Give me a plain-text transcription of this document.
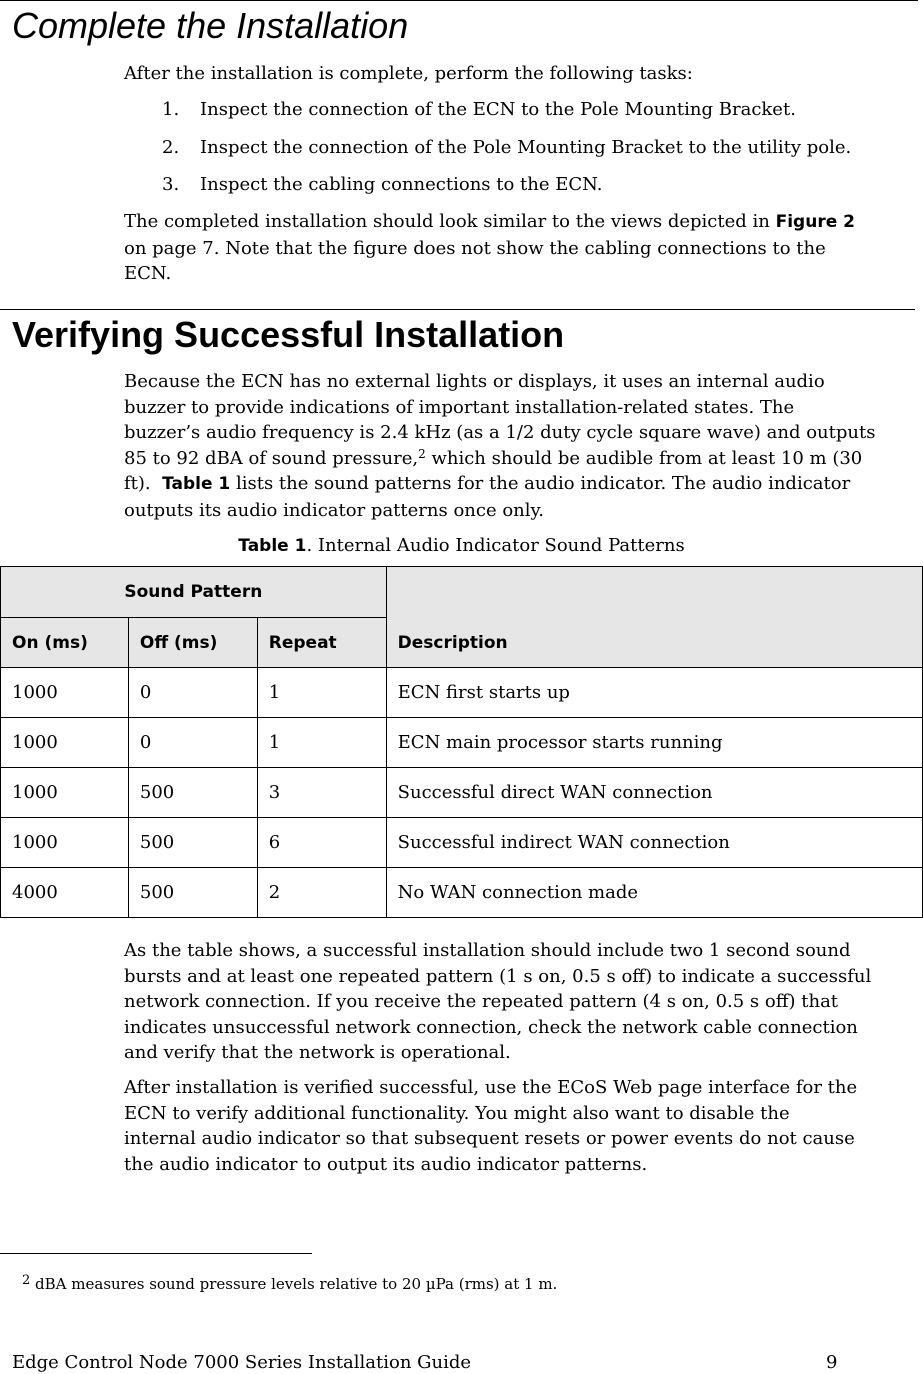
Complete the Installation
After the installation is complete, perform the following tasks:
1. Inspect the connection of the ECN to the Pole Mounting Bracket.
2. Inspect the connection of the Pole Mounting Bracket to the utility pole.
3. Inspect the cabling connections to the ECN.
The completed installation should look similar to the views depicted in Figure 2
on page 7. Note that the figure does not show the cabling connections to the
ECN.
Verifying Successful Installation
Because the ECN has no external lights or displays, it uses an internal audio
buzzer to provide indications of important installation-related states. The
buzzer’s audio frequency is 2.4 kHz (as a 1/2 duty cycle square wave) and outputs
85 to 92 dBA of sound pressure,$^2$ which should be audible from at least 10 m (30
ft). Table 1 lists the sound patterns for the audio indicator. The audio indicator
outputs its audio indicator patterns once only.
Table 1. Internal Audio Indicator Sound Patterns
Sound Pattern			Description
On (ms)	Off (ms)	Repeat	
1000	0	1	ECN first starts up
1000	0	1	ECN main processor starts running
1000	500	3	Successful direct WAN connection
1000	500	6	Successful indirect WAN connection
4000	500	2	No WAN connection made
As the table shows, a successful installation should include two 1 second sound
bursts and at least one repeated pattern (1 s on, 0.5 s off) to indicate a successful
network connection. If you receive the repeated pattern (4 s on, 0.5 s off) that
indicates unsuccessful network connection, check the network cable connection
and verify that the network is operational.
After installation is verified successful, use the ECoS Web page interface for the
ECN to verify additional functionality. You might also want to disable the
internal audio indicator so that subsequent resets or power events do not cause
the audio indicator to output its audio indicator patterns.
$^2$ dBA measures sound pressure levels relative to 20 µPa (rms) at 1 m.
Edge Control Node 7000 Series Installation Guide	9
